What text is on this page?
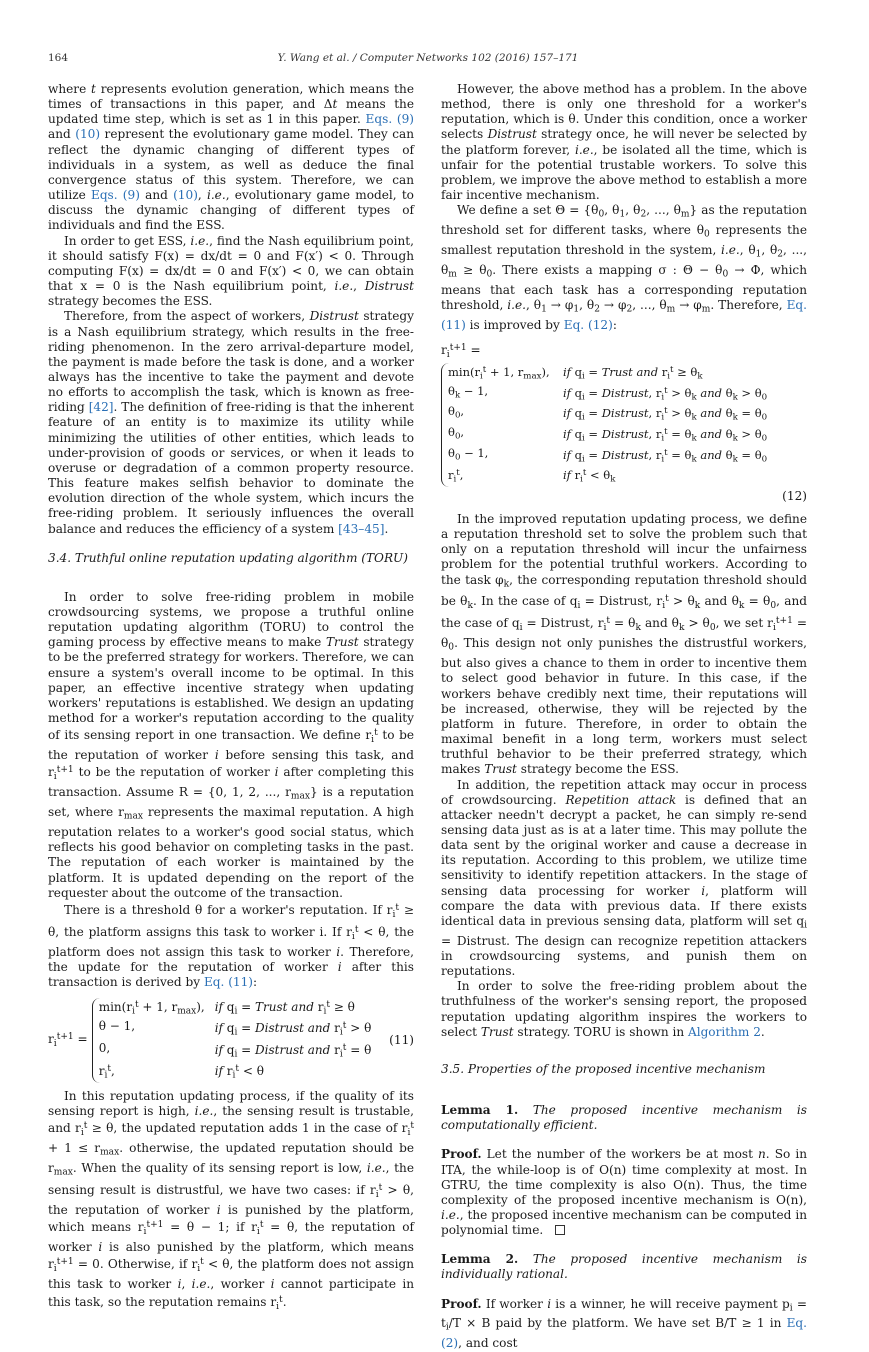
164	Y. Wang et al. / Computer Networks 102 (2016) 157–171

where t represents evolution generation, which means the times of transactions in this paper, and Δt means the updated time step, which is set as 1 in this paper. Eqs. (9) and (10) represent the evolutionary game model. They can reflect the dynamic changing of different types of individuals in a system, as well as deduce the final convergence status of this system. Therefore, we can utilize Eqs. (9) and (10), i.e., evolutionary game model, to discuss the dynamic changing of different types of individuals and find the ESS.

In order to get ESS, i.e., find the Nash equilibrium point, it should satisfy F(x) = dx/dt = 0 and F(x′) < 0. Through computing F(x) = dx/dt = 0 and F(x′) < 0, we can obtain that x = 0 is the Nash equilibrium point, i.e., Distrust strategy becomes the ESS.

Therefore, from the aspect of workers, Distrust strategy is a Nash equilibrium strategy, which results in the free-riding phenomenon. In the zero arrival-departure model, the payment is made before the task is done, and a worker always has the incentive to take the payment and devote no efforts to accomplish the task, which is known as free-riding [42]. The definition of free-riding is that the inherent feature of an entity is to maximize its utility while minimizing the utilities of other entities, which leads to under-provision of goods or services, or when it leads to overuse or degradation of a common property resource. This feature makes selfish behavior to dominate the evolution direction of the whole system, which incurs the free-riding problem. It seriously influences the overall balance and reduces the efficiency of a system [43–45].

3.4. Truthful online reputation updating algorithm (TORU)

In order to solve free-riding problem in mobile crowdsourcing systems, we propose a truthful online reputation updating algorithm (TORU) to control the gaming process by effective means to make Trust strategy to be the preferred strategy for workers. Therefore, we can ensure a system's overall income to be optimal. In this paper, an effective incentive strategy when updating workers' reputations is established. We design an updating method for a worker's reputation according to the quality of its sensing report in one transaction. We define $r_i^t$ to be the reputation of worker i before sensing this task, and $r_i^{t+1}$ to be the reputation of worker i after completing this transaction. Assume R = {0, 1, 2, ..., $r_{max}$} is a reputation set, where $r_{max}$ represents the maximal reputation. A high reputation relates to a worker's good social status, which reflects his good behavior on completing tasks in the past. The reputation of each worker is maintained by the platform. It is updated depending on the report of the requester about the outcome of the transaction.

There is a threshold θ for a worker's reputation. If $r_i^t \ge \theta$, the platform assigns this task to worker i. If $r_i^t < \theta$, the platform does not assign this task to worker i. Therefore, the update for the reputation of worker i after this transaction is derived by Eq. (11):

$r_i^{t+1}$ =
$\min(r_i^t + 1$, $r_{max}$), if $q_i$ = Trust and $r_i^t \ge \theta$
θ − 1,	if $q_i$ = Distrust and $r_i^t > \theta$
0,	if $q_i$ = Distrust and $r_i^t = \theta$
$r_i^t$,	if $r_i^t < \theta$
(11)

In this reputation updating process, if the quality of its sensing report is high, i.e., the sensing result is trustable, and $r_i^t \ge \theta$, the updated reputation adds 1 in the case of $r_i^t + 1 \le r_{max}$. otherwise, the updated reputation should be $r_{max}$. When the quality of its sensing report is low, i.e., the sensing result is distrustful, we have two cases: if $r_i^t > \theta$, the reputation of worker i is punished by the platform, which means $r_i^{t+1} = \theta - 1$; if $r_i^t = \theta$, the reputation of worker i is also punished by the platform, which means $r_i^{t+1} = 0$. Otherwise, if $r_i^t < \theta$, the platform does not assign this task to worker i, i.e., worker i cannot participate in this task, so the reputation remains $r_i^t$.

However, the above method has a problem. In the above method, there is only one threshold for a worker's reputation, which is θ. Under this condition, once a worker selects Distrust strategy once, he will never be selected by the platform forever, i.e., be isolated all the time, which is unfair for the potential trustable workers. To solve this problem, we improve the above method to establish a more fair incentive mechanism.

We define a set $\Theta = \{\theta_0$, $\theta_1$, $\theta_2$, ..., $\theta_m$} as the reputation threshold set for different tasks, where $\theta_0$ represents the smallest reputation threshold in the system, i.e., $\theta_1$, $\theta_2$, ..., $\theta_m \ge \theta_0$. There exists a mapping σ : $\Theta - \theta_0 \to \Phi$, which means that each task has a corresponding reputation threshold, i.e., $\theta_1 \to \varphi_1$, $\theta_2 \to \varphi_2$, ..., $\theta_m \to \varphi_m$. Therefore, Eq. (11) is improved by Eq. (12):

$r_i^{t+1}$ =
$\min(r_i^t + 1$, $r_{max}$),	if $q_i$ = Trust and $r_i^t \ge \theta_k$
$\theta_k - 1$,	if $q_i$ = Distrust, $r_i^t > \theta_k$ and $\theta_k > \theta_0$
$\theta_0$,	if $q_i$ = Distrust, $r_i^t > \theta_k$ and $\theta_k = \theta_0$
$\theta_0$,	if $q_i$ = Distrust, $r_i^t = \theta_k$ and $\theta_k > \theta_0$
$\theta_0 - 1$,	if $q_i$ = Distrust, $r_i^t = \theta_k$ and $\theta_k = \theta_0$
$r_i^t$,	if $r_i^t < \theta_k$
(12)

In the improved reputation updating process, we define a reputation threshold set to solve the problem such that only on a reputation threshold will incur the unfairness problem for the potential truthful workers. According to the task $\varphi_k$, the corresponding reputation threshold should be $\theta_k$. In the case of $q_i$ = Distrust, $r_i^t > \theta_k$ and $\theta_k = \theta_0$, and the case of $q_i$ = Distrust, $r_i^t = \theta_k$ and $\theta_k > \theta_0$, we set $r_i^{t+1} = \theta_0$. This design not only punishes the distrustful workers, but also gives a chance to them in order to incentive them to select good behavior in future. In this case, if the workers behave credibly next time, their reputations will be increased, otherwise, they will be rejected by the platform in future. Therefore, in order to obtain the maximal benefit in a long term, workers must select truthful behavior to be their preferred strategy, which makes Trust strategy become the ESS.

In addition, the repetition attack may occur in process of crowdsourcing. Repetition attack is defined that an attacker needn't decrypt a packet, he can simply re-send sensing data just as is at a later time. This may pollute the data sent by the original worker and cause a decrease in its reputation. According to this problem, we utilize time sensitivity to identify repetition attackers. In the stage of sensing data processing for worker i, platform will compare the data with previous data. If there exists identical data in previous sensing data, platform will set $q_i$ = Distrust. The design can recognize repetition attackers in crowdsourcing systems, and punish them on reputations.

In order to solve the free-riding problem about the truthfulness of the worker's sensing report, the proposed reputation updating algorithm inspires the workers to select Trust strategy. TORU is shown in Algorithm 2.

3.5. Properties of the proposed incentive mechanism

Lemma 1. The proposed incentive mechanism is computationally efficient.

Proof. Let the number of the workers be at most n. So in ITA, the while-loop is of O(n) time complexity at most. In GTRU, the time complexity is also O(n). Thus, the time complexity of the proposed incentive mechanism is O(n), i.e., the proposed incentive mechanism can be computed in polynomial time.

Lemma 2. The proposed incentive mechanism is individually rational.

Proof. If worker i is a winner, he will receive payment $p_i = t_i/T \times B$ paid by the platform. We have set B/T ≥ 1 in Eq. (2), and cost
